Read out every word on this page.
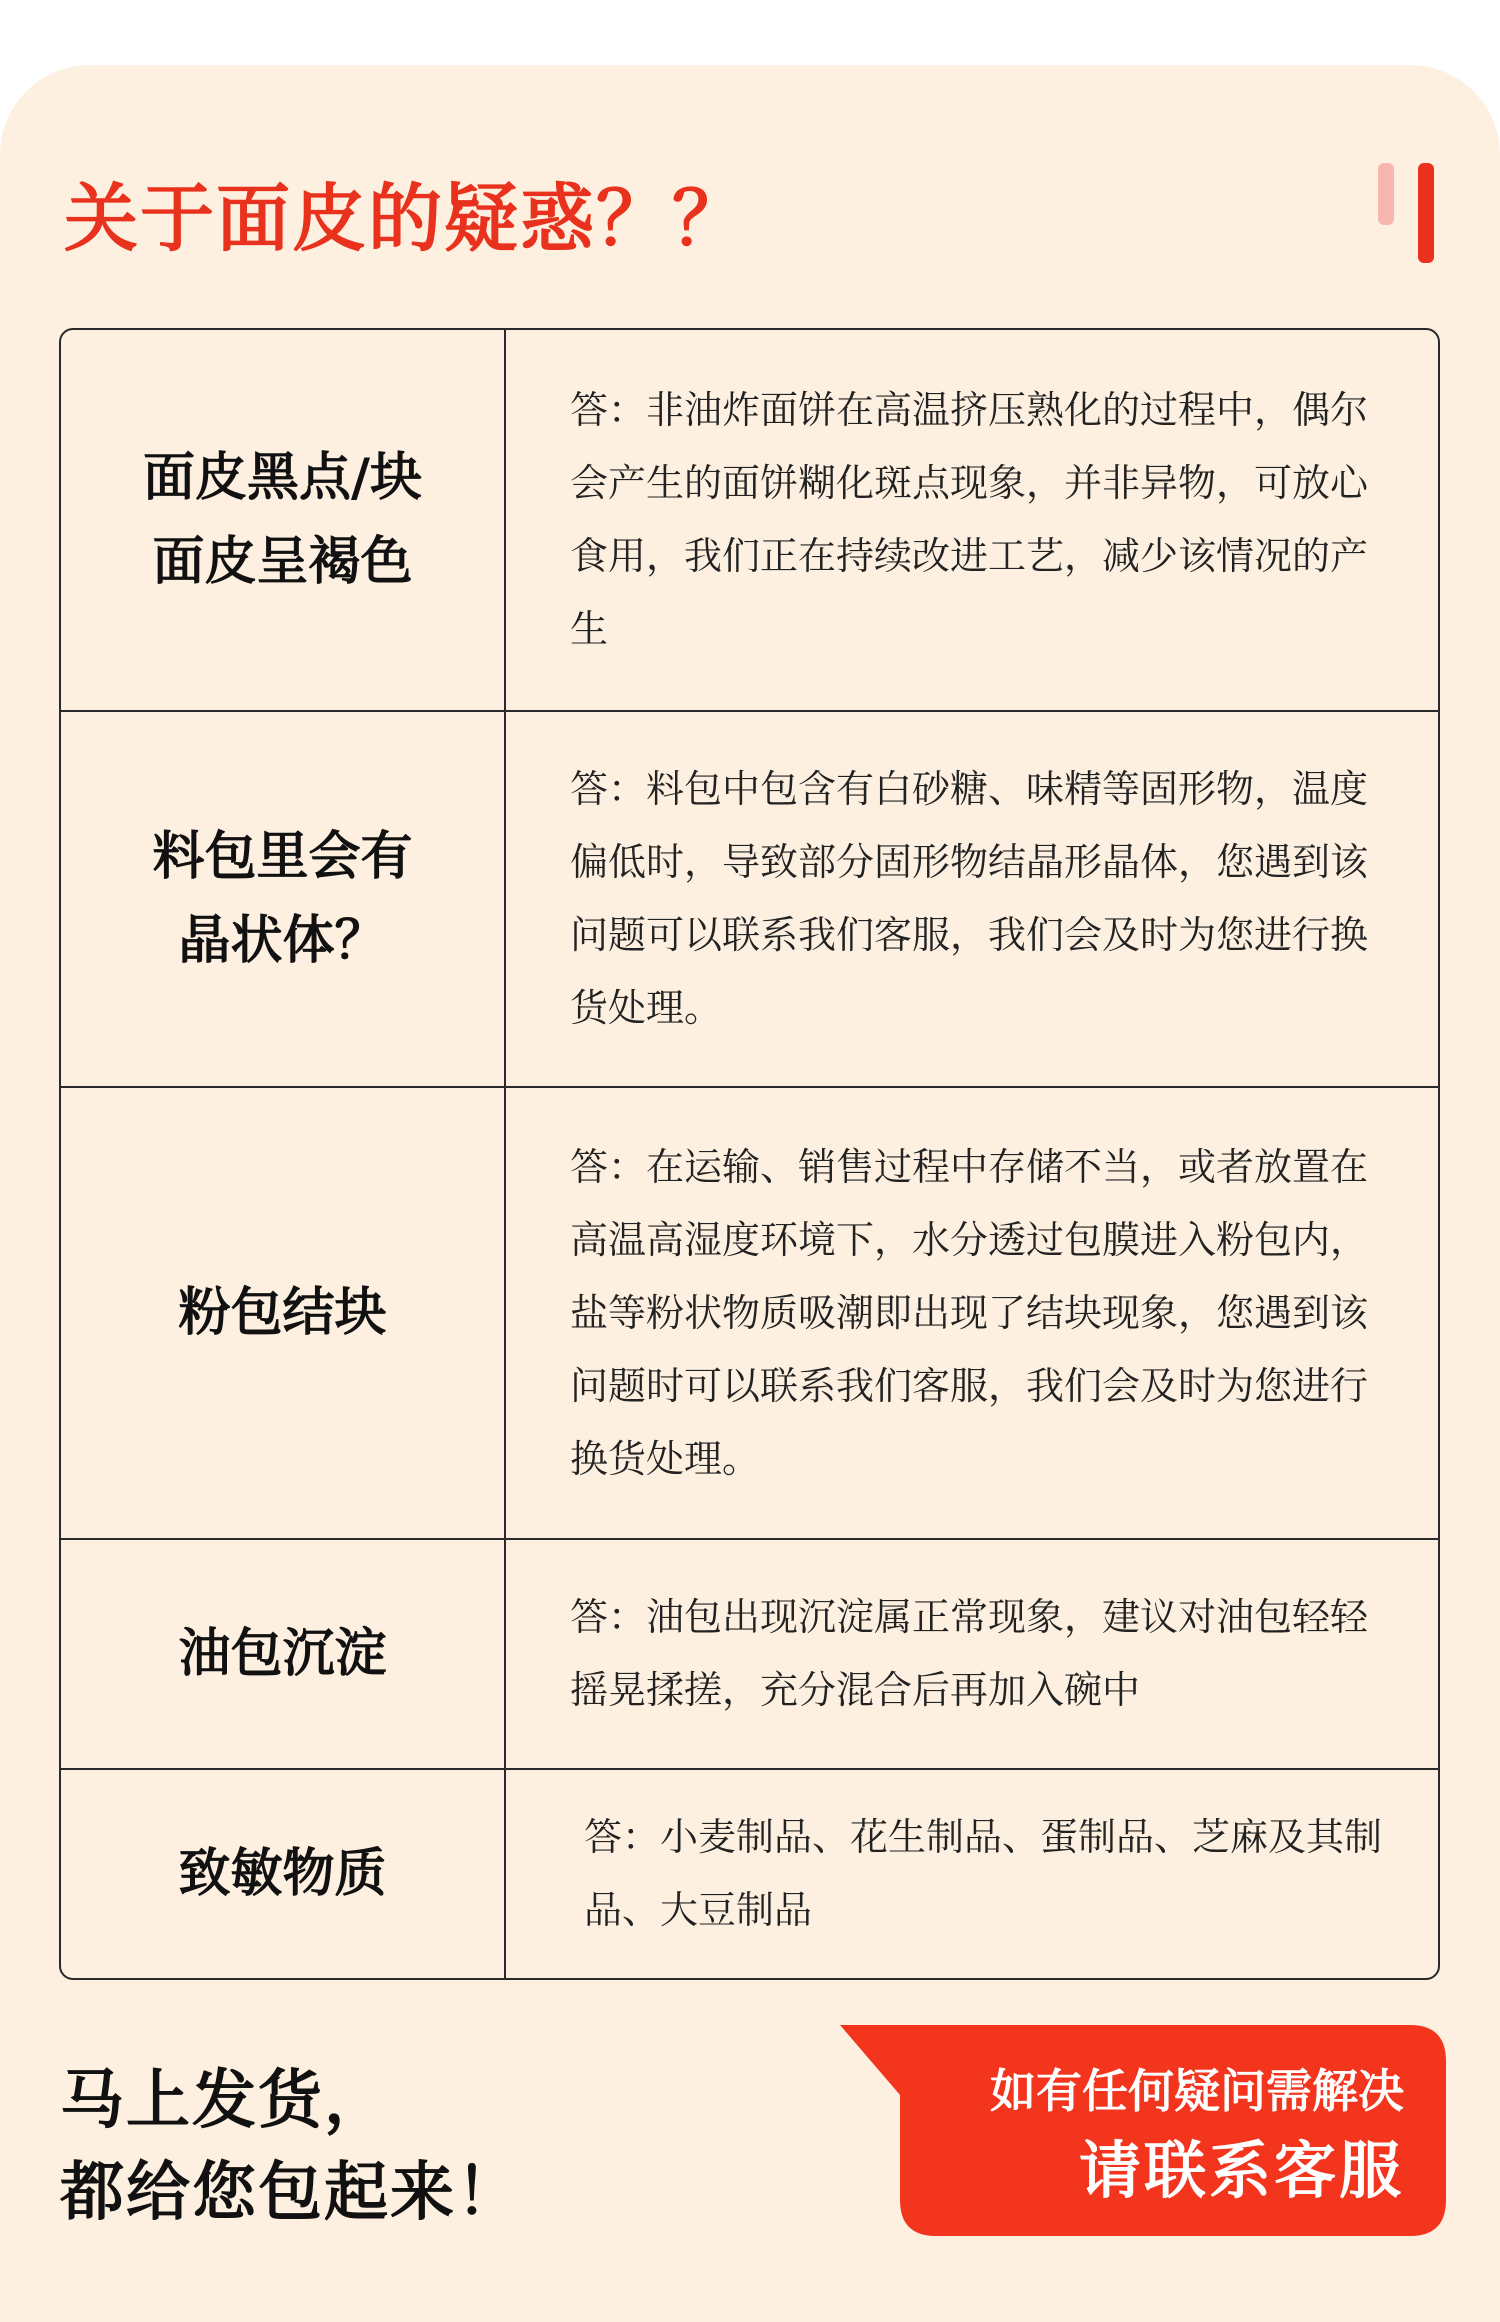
关于面皮的疑惑？？
面皮黑点/块
面皮呈褐色	答：非油炸面饼在高温挤压熟化的过程中，偶尔会产生的面饼糊化斑点现象，并非异物，可放心食用，我们正在持续改进工艺，减少该情况的产生

料包里会有
晶状体？	答：料包中包含有白砂糖、味精等固形物，温度偏低时，导致部分固形物结晶形晶体，您遇到该问题可以联系我们客服，我们会及时为您进行换货处理。

粉包结块	答：在运输、销售过程中存储不当，或者放置在高温高湿度环境下，水分透过包膜进入粉包内，盐等粉状物质吸潮即出现了结块现象，您遇到该问题时可以联系我们客服，我们会及时为您进行换货处理。

油包沉淀	答：油包出现沉淀属正常现象，建议对油包轻轻摇晃揉搓，充分混合后再加入碗中

致敏物质	答：小麦制品、花生制品、蛋制品、芝麻及其制品、大豆制品
马上发货，
都给您包起来！
如有任何疑问需解决
请联系客服
